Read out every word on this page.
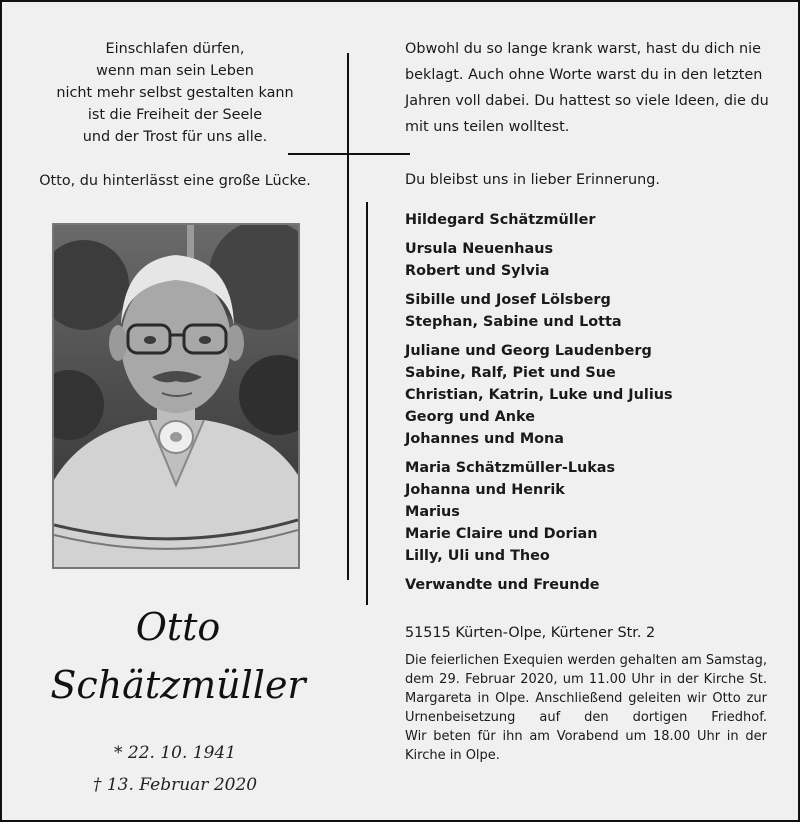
Einschlafen dürfen,
wenn man sein Leben
nicht mehr selbst gestalten kann
ist die Freiheit der Seele
und der Trost für uns alle.
Otto, du hinterlässt eine große Lücke.
Otto
Schätzmüller
* 22. 10. 1941
† 13. Februar 2020
Obwohl du so lange krank warst, hast du dich nie
beklagt. Auch ohne Worte warst du in den letzten
Jahren voll dabei. Du hattest so viele Ideen, die du
mit uns teilen wolltest.
Du bleibst uns in lieber Erinnerung.
Hildegard Schätzmüller
Ursula Neuenhaus
Robert und Sylvia
Sibille und Josef Lölsberg
Stephan, Sabine und Lotta
Juliane und Georg Laudenberg
Sabine, Ralf, Piet und Sue
Christian, Katrin, Luke und Julius
Georg und Anke
Johannes und Mona
Maria Schätzmüller-Lukas
Johanna und Henrik
Marius
Marie Claire und Dorian
Lilly, Uli und Theo
Verwandte und Freunde
51515 Kürten-Olpe, Kürtener Str. 2

Die feierlichen Exequien werden gehalten am Samstag, dem 29. Februar 2020, um 11.00 Uhr in der Kirche St. Margareta in Olpe. Anschließend geleiten wir Otto zur Urnenbeisetzung auf den dortigen Friedhof.

Wir beten für ihn am Vorabend um 18.00 Uhr in der Kirche in Olpe.
